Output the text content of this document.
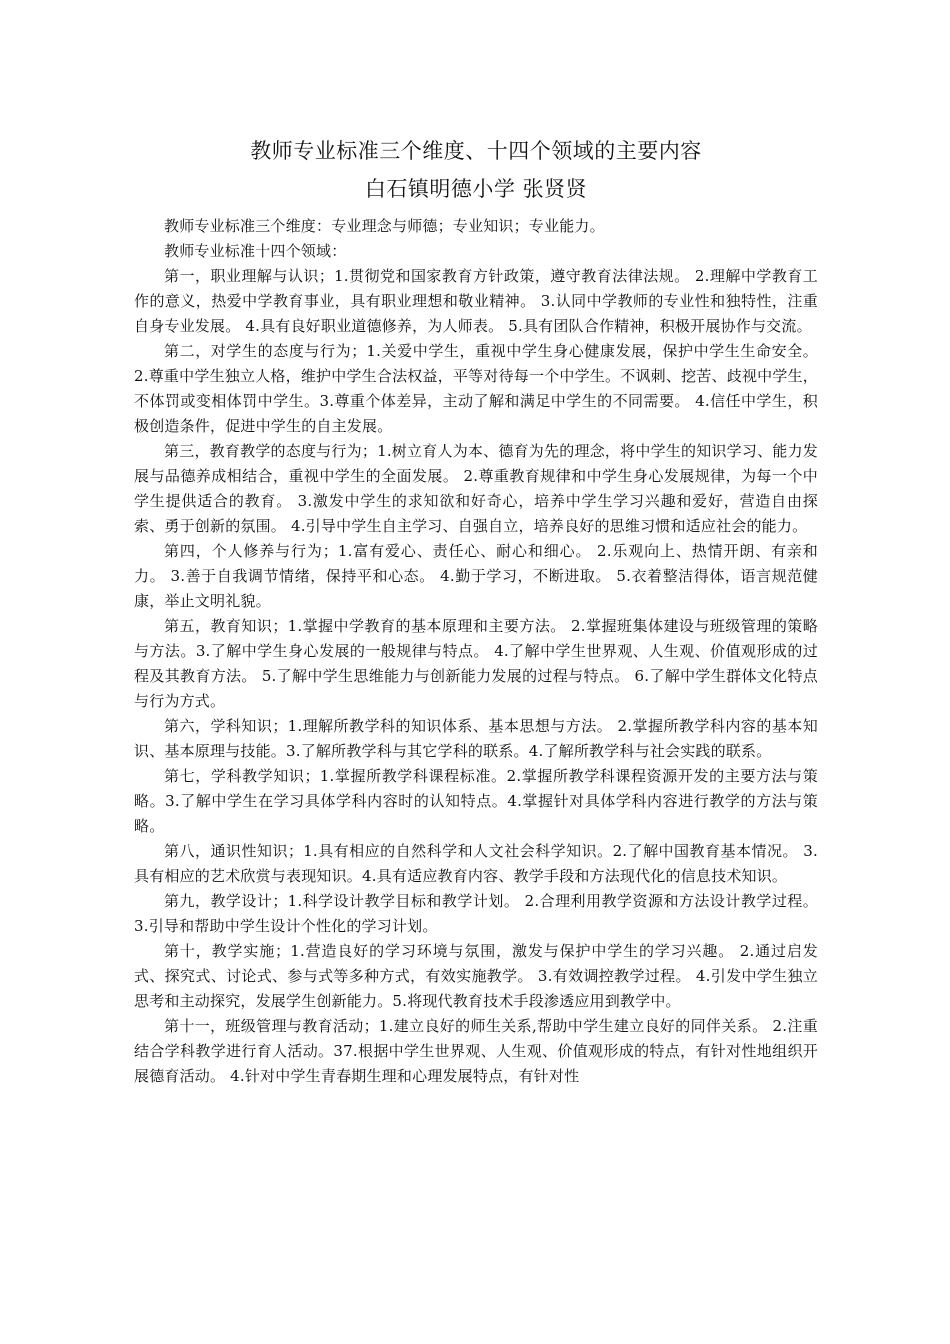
教师专业标准三个维度、十四个领域的主要内容
白石镇明德小学 张贤贤

教师专业标准三个维度：专业理念与师德；专业知识；专业能力。

教师专业标准十四个领域：

第一，职业理解与认识；1.贯彻党和国家教育方针政策，遵守教育法律法规。 2.理解中学教育工作的意义，热爱中学教育事业，具有职业理想和敬业精神。 3.认同中学教师的专业性和独特性，注重自身专业发展。 4.具有良好职业道德修养，为人师表。 5.具有团队合作精神，积极开展协作与交流。

第二，对学生的态度与行为；1.关爱中学生，重视中学生身心健康发展，保护中学生生命安全。 2.尊重中学生独立人格，维护中学生合法权益，平等对待每一个中学生。不讽刺、挖苦、歧视中学生，不体罚或变相体罚中学生。3.尊重个体差异，主动了解和满足中学生的不同需要。 4.信任中学生，积极创造条件，促进中学生的自主发展。

第三，教育教学的态度与行为；1.树立育人为本、德育为先的理念，将中学生的知识学习、能力发展与品德养成相结合，重视中学生的全面发展。 2.尊重教育规律和中学生身心发展规律，为每一个中学生提供适合的教育。 3.激发中学生的求知欲和好奇心，培养中学生学习兴趣和爱好，营造自由探索、勇于创新的氛围。 4.引导中学生自主学习、自强自立，培养良好的思维习惯和适应社会的能力。

第四，个人修养与行为；1.富有爱心、责任心、耐心和细心。 2.乐观向上、热情开朗、有亲和力。 3.善于自我调节情绪，保持平和心态。 4.勤于学习，不断进取。 5.衣着整洁得体，语言规范健康，举止文明礼貌。

第五，教育知识；1.掌握中学教育的基本原理和主要方法。 2.掌握班集体建设与班级管理的策略与方法。3.了解中学生身心发展的一般规律与特点。 4.了解中学生世界观、人生观、价值观形成的过程及其教育方法。 5.了解中学生思维能力与创新能力发展的过程与特点。 6.了解中学生群体文化特点与行为方式。

第六，学科知识；1.理解所教学科的知识体系、基本思想与方法。 2.掌握所教学科内容的基本知识、基本原理与技能。3.了解所教学科与其它学科的联系。4.了解所教学科与社会实践的联系。

第七，学科教学知识；1.掌握所教学科课程标准。2.掌握所教学科课程资源开发的主要方法与策略。3.了解中学生在学习具体学科内容时的认知特点。4.掌握针对具体学科内容进行教学的方法与策略。

第八，通识性知识；1.具有相应的自然科学和人文社会科学知识。2.了解中国教育基本情况。 3.具有相应的艺术欣赏与表现知识。4.具有适应教育内容、教学手段和方法现代化的信息技术知识。

第九，教学设计；1.科学设计教学目标和教学计划。 2.合理利用教学资源和方法设计教学过程。 3.引导和帮助中学生设计个性化的学习计划。

第十，教学实施；1.营造良好的学习环境与氛围，激发与保护中学生的学习兴趣。 2.通过启发式、探究式、讨论式、参与式等多种方式，有效实施教学。 3.有效调控教学过程。 4.引发中学生独立思考和主动探究，发展学生创新能力。5.将现代教育技术手段渗透应用到教学中。

第十一，班级管理与教育活动；1.建立良好的师生关系,帮助中学生建立良好的同伴关系。 2.注重结合学科教学进行育人活动。37.根据中学生世界观、人生观、价值观形成的特点，有针对性地组织开展德育活动。 4.针对中学生青春期生理和心理发展特点，有针对性
